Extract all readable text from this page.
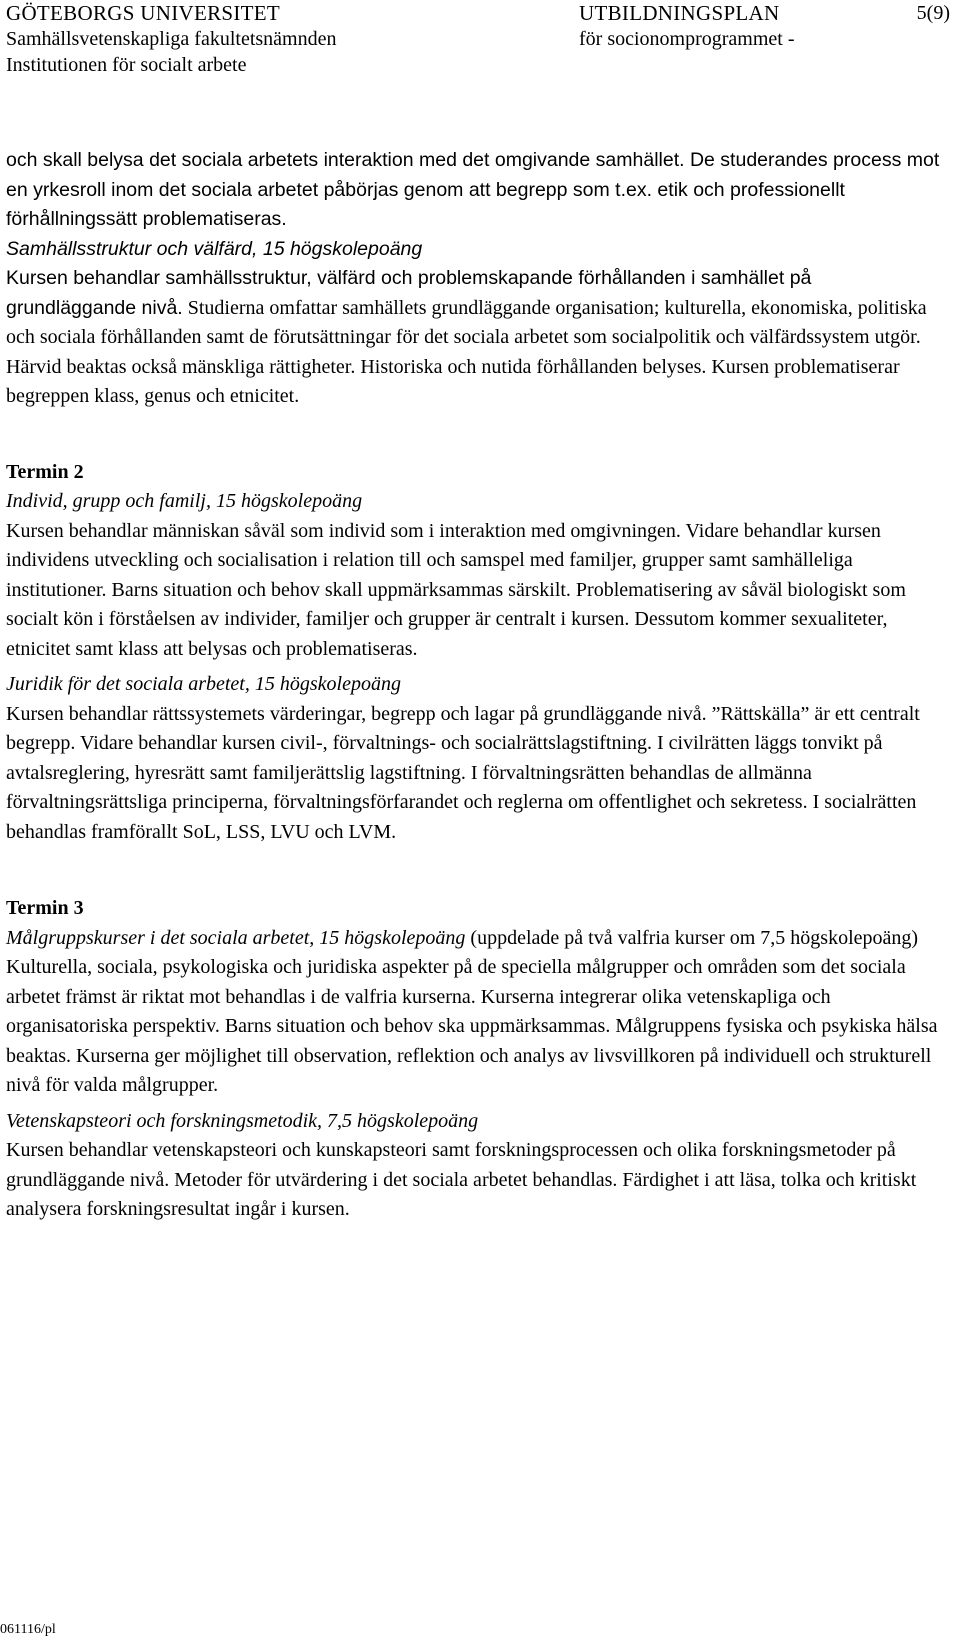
GÖTEBORGS UNIVERSITET
Samhällsvetenskapliga fakultetsnämnden
Institutionen för socialt arbete
UTBILDNINGSPLAN
för socionomprogrammet -
5(9)

och skall belysa det sociala arbetets interaktion med det omgivande samhället. De studerandes process mot en yrkesroll inom det sociala arbetet påbörjas genom att begrepp som t.ex. etik och professionellt förhållningssätt problematiseras.

Samhällsstruktur och välfärd, 15 högskolepoäng

Kursen behandlar samhällsstruktur, välfärd och problemskapande förhållanden i samhället på grundläggande nivå. Studierna omfattar samhällets grundläggande organisation; kulturella, ekonomiska, politiska och sociala förhållanden samt de förutsättningar för det sociala arbetet som socialpolitik och välfärdssystem utgör. Härvid beaktas också mänskliga rättigheter. Historiska och nutida förhållanden belyses. Kursen problematiserar begreppen klass, genus och etnicitet.

Termin 2

Individ, grupp och familj, 15 högskolepoäng

Kursen behandlar människan såväl som individ som i interaktion med omgivningen. Vidare behandlar kursen individens utveckling och socialisation i relation till och samspel med familjer, grupper samt samhälleliga institutioner. Barns situation och behov skall uppmärksammas särskilt. Problematisering av såväl biologiskt som socialt kön i förståelsen av individer, familjer och grupper är centralt i kursen. Dessutom kommer sexualiteter, etnicitet samt klass att belysas och problematiseras.

Juridik för det sociala arbetet, 15 högskolepoäng

Kursen behandlar rättssystemets värderingar, begrepp och lagar på grundläggande nivå. ”Rättskälla” är ett centralt begrepp. Vidare behandlar kursen civil-, förvaltnings- och socialrättslagstiftning. I civilrätten läggs tonvikt på avtalsreglering, hyresrätt samt familjerättslig lagstiftning. I förvaltningsrätten behandlas de allmänna förvaltningsrättsliga principerna, förvaltningsförfarandet och reglerna om offentlighet och sekretess. I socialrätten behandlas framförallt SoL, LSS, LVU och LVM.

Termin 3

Målgruppskurser i det sociala arbetet, 15 högskolepoäng (uppdelade på två valfria kurser om 7,5 högskolepoäng)

Kulturella, sociala, psykologiska och juridiska aspekter på de speciella målgrupper och områden som det sociala arbetet främst är riktat mot behandlas i de valfria kurserna. Kurserna integrerar olika vetenskapliga och organisatoriska perspektiv. Barns situation och behov ska uppmärksammas. Målgruppens fysiska och psykiska hälsa beaktas. Kurserna ger möjlighet till observation, reflektion och analys av livsvillkoren på individuell och strukturell nivå för valda målgrupper.

Vetenskapsteori och forskningsmetodik, 7,5 högskolepoäng

Kursen behandlar vetenskapsteori och kunskapsteori samt forskningsprocessen och olika forskningsmetoder på grundläggande nivå. Metoder för utvärdering i det sociala arbetet behandlas. Färdighet i att läsa, tolka och kritiskt analysera forskningsresultat ingår i kursen.

061116/pl
